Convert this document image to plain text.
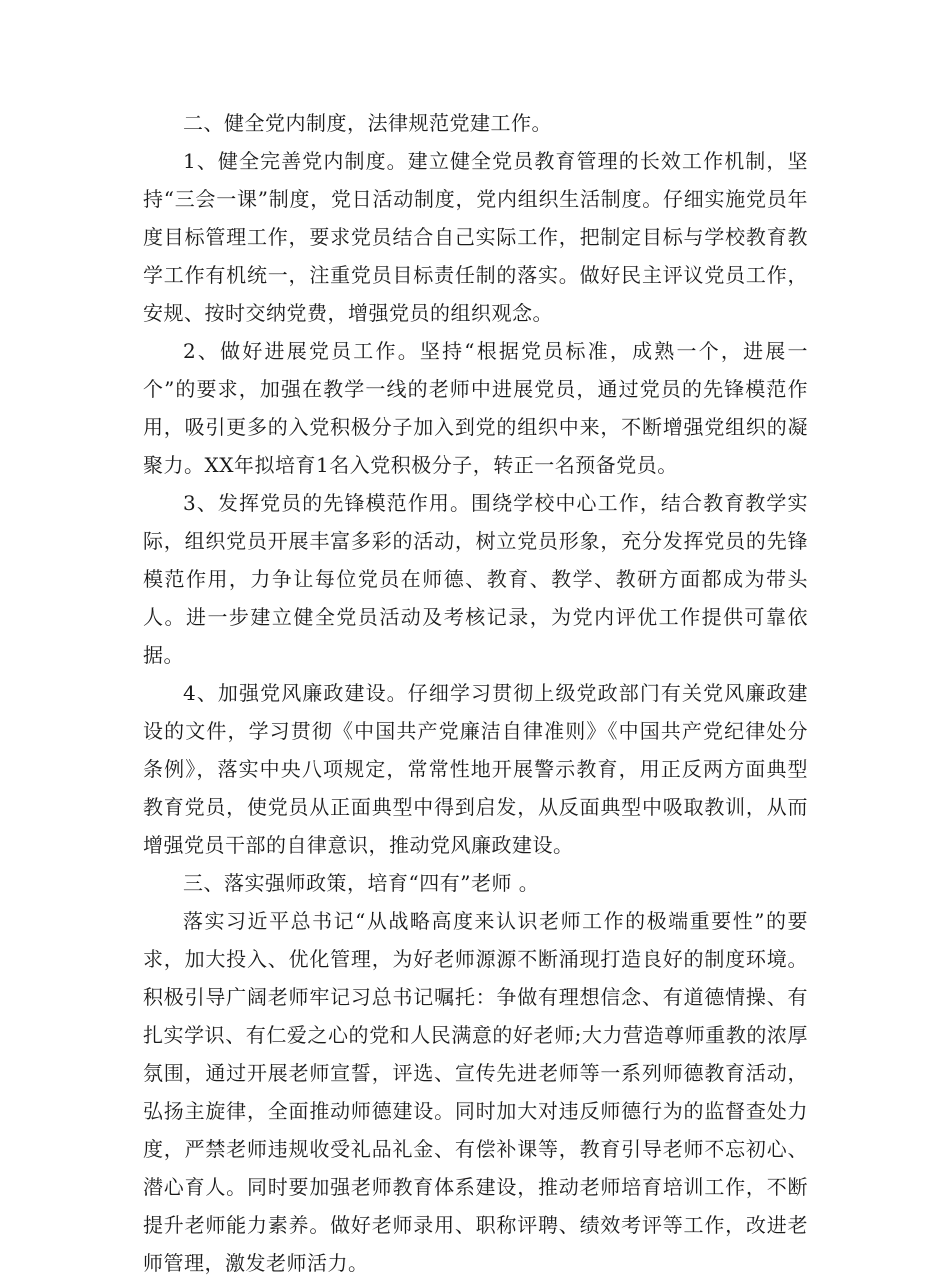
二、健全党内制度，法律规范党建工作。

1、健全完善党内制度。建立健全党员教育管理的长效工作机制，坚持“三会一课”制度，党日活动制度，党内组织生活制度。仔细实施党员年度目标管理工作，要求党员结合自己实际工作，把制定目标与学校教育教学工作有机统一，注重党员目标责任制的落实。做好民主评议党员工作，安规、按时交纳党费，增强党员的组织观念。

2、做好进展党员工作。坚持“根据党员标准，成熟一个，进展一个”的要求，加强在教学一线的老师中进展党员，通过党员的先锋模范作用，吸引更多的入党积极分子加入到党的组织中来，不断增强党组织的凝聚力。XX年拟培育1名入党积极分子，转正一名预备党员。

3、发挥党员的先锋模范作用。围绕学校中心工作，结合教育教学实际，组织党员开展丰富多彩的活动，树立党员形象，充分发挥党员的先锋模范作用，力争让每位党员在师德、教育、教学、教研方面都成为带头人。进一步建立健全党员活动及考核记录，为党内评优工作提供可靠依据。

4、加强党风廉政建设。仔细学习贯彻上级党政部门有关党风廉政建设的文件，学习贯彻《中国共产党廉洁自律准则》《中国共产党纪律处分条例》，落实中央八项规定，常常性地开展警示教育，用正反两方面典型教育党员，使党员从正面典型中得到启发，从反面典型中吸取教训，从而增强党员干部的自律意识，推动党风廉政建设。

三、落实强师政策，培育“四有”老师 。

落实习近平总书记“从战略高度来认识老师工作的极端重要性”的要求，加大投入、优化管理，为好老师源源不断涌现打造良好的制度环境。积极引导广阔老师牢记习总书记嘱托：争做有理想信念、有道德情操、有扎实学识、有仁爱之心的党和人民满意的好老师;大力营造尊师重教的浓厚氛围，通过开展老师宣誓，评选、宣传先进老师等一系列师德教育活动，弘扬主旋律，全面推动师德建设。同时加大对违反师德行为的监督查处力度，严禁老师违规收受礼品礼金、有偿补课等，教育引导老师不忘初心、潜心育人。同时要加强老师教育体系建设，推动老师培育培训工作，不断提升老师能力素养。做好老师录用、职称评聘、绩效考评等工作，改进老师管理，激发老师活力。
